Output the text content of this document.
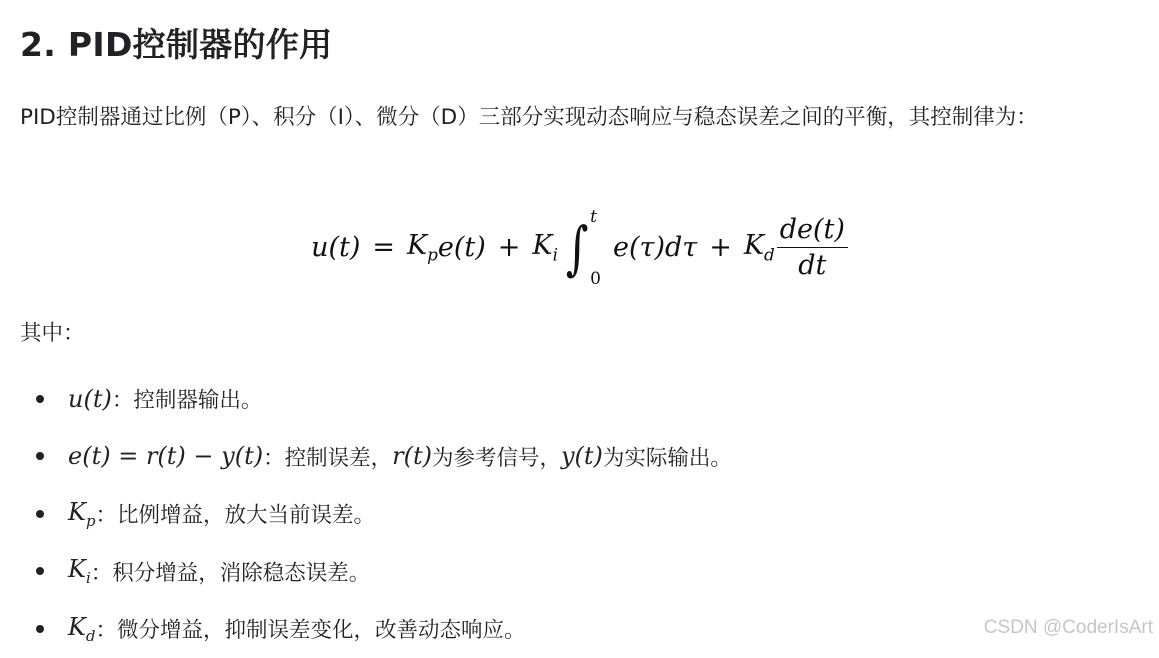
2. PID控制器的作用

PID控制器通过比例（P）、积分（I）、微分（D）三部分实现动态响应与稳态误差之间的平衡，其控制律为：

$u(t) = K_p$ $e(t) + K_i$ ∫ t
0
$e(\tau)d\tau + K_d \frac{de(t)}{dt}$

其中：

u(t) ：控制器输出。
e(t) = r(t) − y(t) ：控制误差， r(t) 为参考信号， y(t) 为实际输出。
$K_p$ ：比例增益，放大当前误差。
$K_i$ ：积分增益，消除稳态误差。
$K_d$ ：微分增益，抑制误差变化，改善动态响应。	CSDN @CoderIsArt
